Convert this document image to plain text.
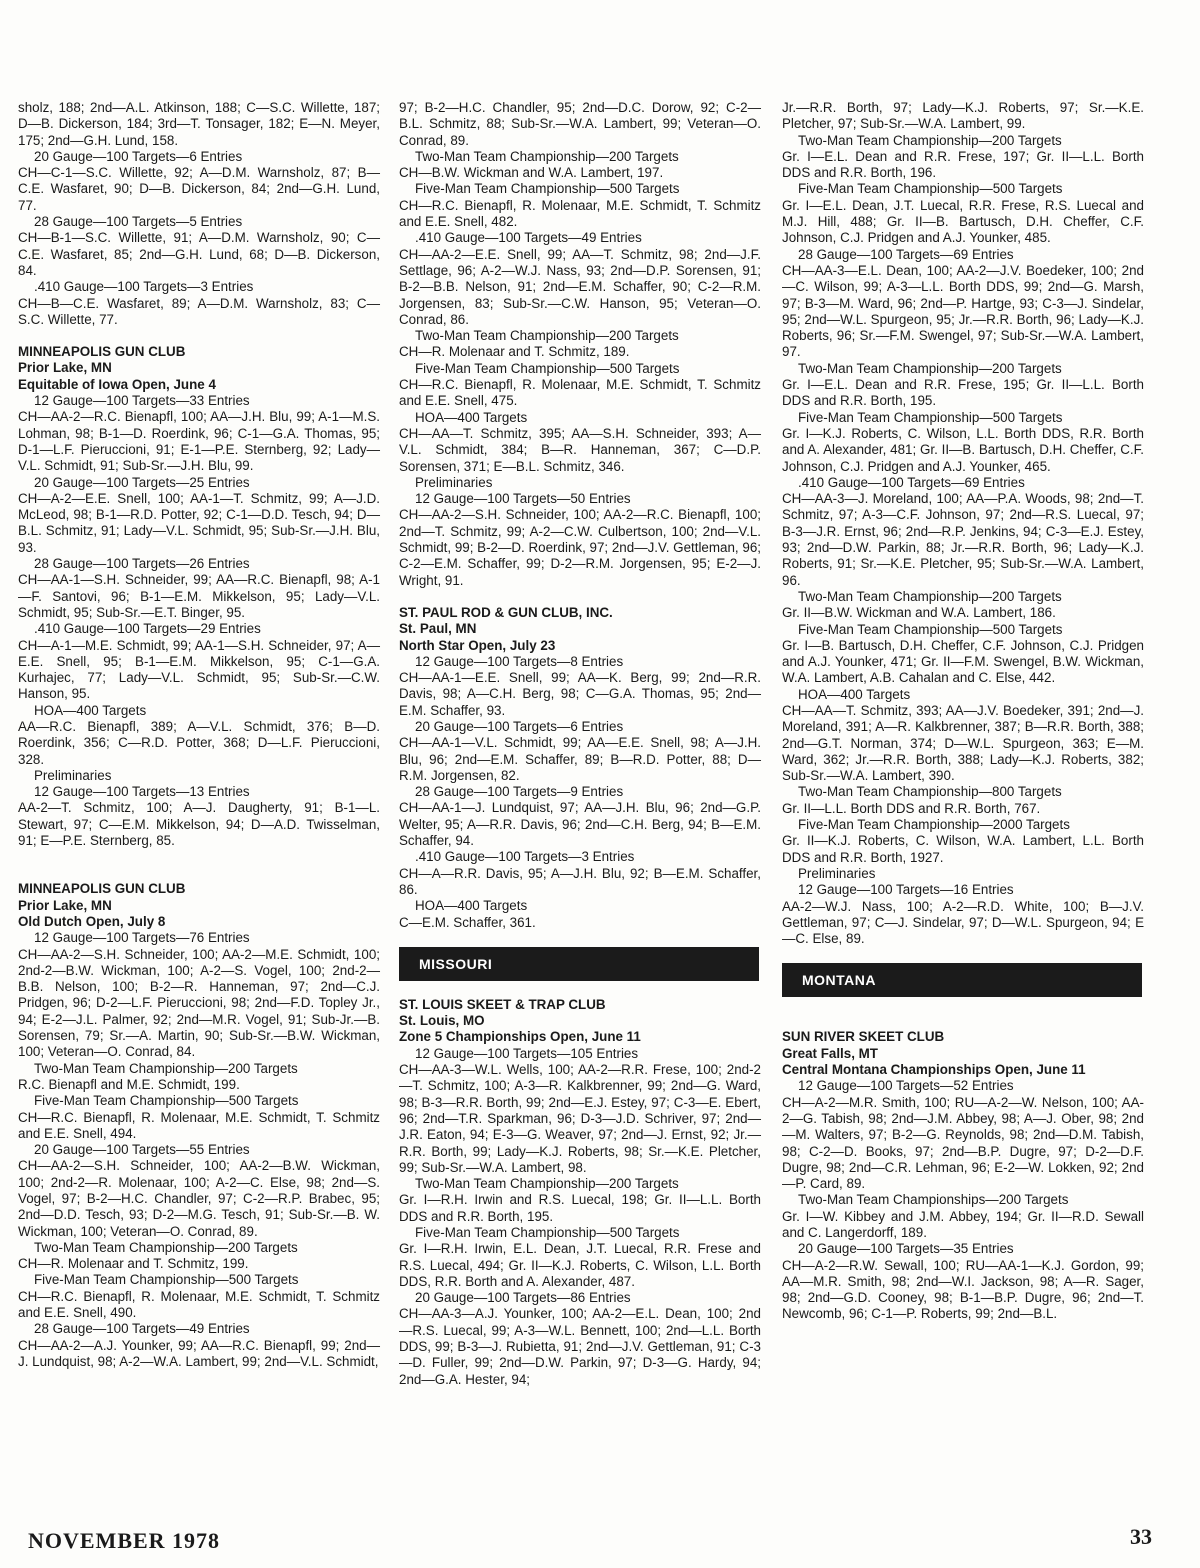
sholz, 188; 2nd—A.L. Atkinson, 188; C—S.C. Willette, 187; D—B. Dickerson, 184; 3rd—T. Tonsager, 182; E—N. Meyer, 175; 2nd—G.H. Lund, 158.
20 Gauge—100 Targets—6 Entries
CH—C-1—S.C. Willette, 92; A—D.M. Warnsholz, 87; B—C.E. Wasfaret, 90; D—B. Dickerson, 84; 2nd—G.H. Lund, 77.
28 Gauge—100 Targets—5 Entries
CH—B-1—S.C. Willette, 91; A—D.M. Warnsholz, 90; C—C.E. Wasfaret, 85; 2nd—G.H. Lund, 68; D—B. Dickerson, 84.
.410 Gauge—100 Targets—3 Entries
CH—B—C.E. Wasfaret, 89; A—D.M. Warnsholz, 83; C—S.C. Willette, 77.
MINNEAPOLIS GUN CLUB
Prior Lake, MN
Equitable of Iowa Open, June 4
12 Gauge—100 Targets—33 Entries
CH—AA-2—R.C. Bienapfl, 100; AA—J.H. Blu, 99; A-1—M.S. Lohman, 98; B-1—D. Roerdink, 96; C-1—G.A. Thomas, 95; D-1—L.F. Pieruccioni, 91; E-1—P.E. Sternberg, 92; Lady—V.L. Schmidt, 91; Sub-Sr.—J.H. Blu, 99.
20 Gauge—100 Targets—25 Entries
CH—A-2—E.E. Snell, 100; AA-1—T. Schmitz, 99; A—J.D. McLeod, 98; B-1—R.D. Potter, 92; C-1—D.D. Tesch, 94; D—B.L. Schmitz, 91; Lady—V.L. Schmidt, 95; Sub-Sr.—J.H. Blu, 93.
28 Gauge—100 Targets—26 Entries
CH—AA-1—S.H. Schneider, 99; AA—R.C. Bienapfl, 98; A-1—F. Santovi, 96; B-1—E.M. Mikkelson, 95; Lady—V.L. Schmidt, 95; Sub-Sr.—E.T. Binger, 95.
.410 Gauge—100 Targets—29 Entries
CH—A-1—M.E. Schmidt, 99; AA-1—S.H. Schneider, 97; A—E.E. Snell, 95; B-1—E.M. Mikkelson, 95; C-1—G.A. Kurhajec, 77; Lady—V.L. Schmidt, 95; Sub-Sr.—C.W. Hanson, 95.
HOA—400 Targets
AA—R.C. Bienapfl, 389; A—V.L. Schmidt, 376; B—D. Roerdink, 356; C—R.D. Potter, 368; D—L.F. Pieruccioni, 328.
Preliminaries
12 Gauge—100 Targets—13 Entries
AA-2—T. Schmitz, 100; A—J. Daugherty, 91; B-1—L. Stewart, 97; C—E.M. Mikkelson, 94; D—A.D. Twisselman, 91; E—P.E. Sternberg, 85.
MINNEAPOLIS GUN CLUB
Prior Lake, MN
Old Dutch Open, July 8
12 Gauge—100 Targets—76 Entries
CH—AA-2—S.H. Schneider, 100; AA-2—M.E. Schmidt, 100; 2nd-2—B.W. Wickman, 100; A-2—S. Vogel, 100; 2nd-2—B.B. Nelson, 100; B-2—R. Hanneman, 97; 2nd—C.J. Pridgen, 96; D-2—L.F. Pieruccioni, 98; 2nd—F.D. Topley Jr., 94; E-2—J.L. Palmer, 92; 2nd—M.R. Vogel, 91; Sub-Jr.—B. Sorensen, 79; Sr.—A. Martin, 90; Sub-Sr.—B.W. Wickman, 100; Veteran—O. Conrad, 84.
Two-Man Team Championship—200 Targets
R.C. Bienapfl and M.E. Schmidt, 199.
Five-Man Team Championship—500 Targets
CH—R.C. Bienapfl, R. Molenaar, M.E. Schmidt, T. Schmitz and E.E. Snell, 494.
20 Gauge—100 Targets—55 Entries
CH—AA-2—S.H. Schneider, 100; AA-2—B.W. Wickman, 100; 2nd-2—R. Molenaar, 100; A-2—C. Else, 98; 2nd—S. Vogel, 97; B-2—H.C. Chandler, 97; C-2—R.P. Brabec, 95; 2nd—D.D. Tesch, 93; D-2—M.G. Tesch, 91; Sub-Sr.—B. W. Wickman, 100; Veteran—O. Conrad, 89.
Two-Man Team Championship—200 Targets
CH—R. Molenaar and T. Schmitz, 199.
Five-Man Team Championship—500 Targets
CH—R.C. Bienapfl, R. Molenaar, M.E. Schmidt, T. Schmitz and E.E. Snell, 490.
28 Gauge—100 Targets—49 Entries
CH—AA-2—A.J. Younker, 99; AA—R.C. Bienapfl, 99; 2nd—J. Lundquist, 98; A-2—W.A. Lambert, 99; 2nd—V.L. Schmidt,
97; B-2—H.C. Chandler, 95; 2nd—D.C. Dorow, 92; C-2—B.L. Schmitz, 88; Sub-Sr.—W.A. Lambert, 99; Veteran—O. Conrad, 89.
Two-Man Team Championship—200 Targets
CH—B.W. Wickman and W.A. Lambert, 197.
Five-Man Team Championship—500 Targets
CH—R.C. Bienapfl, R. Molenaar, M.E. Schmidt, T. Schmitz and E.E. Snell, 482.
.410 Gauge—100 Targets—49 Entries
CH—AA-2—E.E. Snell, 99; AA—T. Schmitz, 98; 2nd—J.F. Settlage, 96; A-2—W.J. Nass, 93; 2nd—D.P. Sorensen, 91; B-2—B.B. Nelson, 91; 2nd—E.M. Schaffer, 90; C-2—R.M. Jorgensen, 83; Sub-Sr.—C.W. Hanson, 95; Veteran—O. Conrad, 86.
Two-Man Team Championship—200 Targets
CH—R. Molenaar and T. Schmitz, 189.
Five-Man Team Championship—500 Targets
CH—R.C. Bienapfl, R. Molenaar, M.E. Schmidt, T. Schmitz and E.E. Snell, 475.
HOA—400 Targets
CH—AA—T. Schmitz, 395; AA—S.H. Schneider, 393; A—V.L. Schmidt, 384; B—R. Hanneman, 367; C—D.P. Sorensen, 371; E—B.L. Schmitz, 346.
Preliminaries
12 Gauge—100 Targets—50 Entries
CH—AA-2—S.H. Schneider, 100; AA-2—R.C. Bienapfl, 100; 2nd—T. Schmitz, 99; A-2—C.W. Culbertson, 100; 2nd—V.L. Schmidt, 99; B-2—D. Roerdink, 97; 2nd—J.V. Gettleman, 96; C-2—E.M. Schaffer, 99; D-2—R.M. Jorgensen, 95; E-2—J. Wright, 91.
ST. PAUL ROD & GUN CLUB, INC.
St. Paul, MN
North Star Open, July 23
12 Gauge—100 Targets—8 Entries
CH—AA-1—E.E. Snell, 99; AA—K. Berg, 99; 2nd—R.R. Davis, 98; A—C.H. Berg, 98; C—G.A. Thomas, 95; 2nd—E.M. Schaffer, 93.
20 Gauge—100 Targets—6 Entries
CH—AA-1—V.L. Schmidt, 99; AA—E.E. Snell, 98; A—J.H. Blu, 96; 2nd—E.M. Schaffer, 89; B—R.D. Potter, 88; D—R.M. Jorgensen, 82.
28 Gauge—100 Targets—9 Entries
CH—AA-1—J. Lundquist, 97; AA—J.H. Blu, 96; 2nd—G.P. Welter, 95; A—R.R. Davis, 96; 2nd—C.H. Berg, 94; B—E.M. Schaffer, 94.
.410 Gauge—100 Targets—3 Entries
CH—A—R.R. Davis, 95; A—J.H. Blu, 92; B—E.M. Schaffer, 86.
HOA—400 Targets
C—E.M. Schaffer, 361.
MISSOURI
ST. LOUIS SKEET & TRAP CLUB
St. Louis, MO
Zone 5 Championships Open, June 11
12 Gauge—100 Targets—105 Entries
CH—AA-3—W.L. Wells, 100; AA-2—R.R. Frese, 100; 2nd-2—T. Schmitz, 100; A-3—R. Kalkbrenner, 99; 2nd—G. Ward, 98; B-3—R.R. Borth, 99; 2nd—E.J. Estey, 97; C-3—E. Ebert, 96; 2nd—T.R. Sparkman, 96; D-3—J.D. Schriver, 97; 2nd—J.R. Eaton, 94; E-3—G. Weaver, 97; 2nd—J. Ernst, 92; Jr.—R.R. Borth, 99; Lady—K.J. Roberts, 98; Sr.—K.E. Pletcher, 99; Sub-Sr.—W.A. Lambert, 98.
Two-Man Team Championship—200 Targets
Gr. I—R.H. Irwin and R.S. Luecal, 198; Gr. II—L.L. Borth DDS and R.R. Borth, 195.
Five-Man Team Championship—500 Targets
Gr. I—R.H. Irwin, E.L. Dean, J.T. Luecal, R.R. Frese and R.S. Luecal, 494; Gr. II—K.J. Roberts, C. Wilson, L.L. Borth DDS, R.R. Borth and A. Alexander, 487.
20 Gauge—100 Targets—86 Entries
CH—AA-3—A.J. Younker, 100; AA-2—E.L. Dean, 100; 2nd—R.S. Luecal, 99; A-3—W.L. Bennett, 100; 2nd—L.L. Borth DDS, 99; B-3—J. Rubietta, 91; 2nd—J.V. Gettleman, 91; C-3—D. Fuller, 99; 2nd—D.W. Parkin, 97; D-3—G. Hardy, 94; 2nd—G.A. Hester, 94;
Jr.—R.R. Borth, 97; Lady—K.J. Roberts, 97; Sr.—K.E. Pletcher, 97; Sub-Sr.—W.A. Lambert, 99.
Two-Man Team Championship—200 Targets
Gr. I—E.L. Dean and R.R. Frese, 197; Gr. II—L.L. Borth DDS and R.R. Borth, 196.
Five-Man Team Championship—500 Targets
Gr. I—E.L. Dean, J.T. Luecal, R.R. Frese, R.S. Luecal and M.J. Hill, 488; Gr. II—B. Bartusch, D.H. Cheffer, C.F. Johnson, C.J. Pridgen and A.J. Younker, 485.
28 Gauge—100 Targets—69 Entries
CH—AA-3—E.L. Dean, 100; AA-2—J.V. Boedeker, 100; 2nd—C. Wilson, 99; A-3—L.L. Borth DDS, 99; 2nd—G. Marsh, 97; B-3—M. Ward, 96; 2nd—P. Hartge, 93; C-3—J. Sindelar, 95; 2nd—W.L. Spurgeon, 95; Jr.—R.R. Borth, 96; Lady—K.J. Roberts, 96; Sr.—F.M. Swengel, 97; Sub-Sr.—W.A. Lambert, 97.
Two-Man Team Championship—200 Targets
Gr. I—E.L. Dean and R.R. Frese, 195; Gr. II—L.L. Borth DDS and R.R. Borth, 195.
Five-Man Team Championship—500 Targets
Gr. I—K.J. Roberts, C. Wilson, L.L. Borth DDS, R.R. Borth and A. Alexander, 481; Gr. II—B. Bartusch, D.H. Cheffer, C.F. Johnson, C.J. Pridgen and A.J. Younker, 465.
.410 Gauge—100 Targets—69 Entries
CH—AA-3—J. Moreland, 100; AA—P.A. Woods, 98; 2nd—T. Schmitz, 97; A-3—C.F. Johnson, 97; 2nd—R.S. Luecal, 97; B-3—J.R. Ernst, 96; 2nd—R.P. Jenkins, 94; C-3—E.J. Estey, 93; 2nd—D.W. Parkin, 88; Jr.—R.R. Borth, 96; Lady—K.J. Roberts, 91; Sr.—K.E. Pletcher, 95; Sub-Sr.—W.A. Lambert, 96.
Two-Man Team Championship—200 Targets
Gr. II—B.W. Wickman and W.A. Lambert, 186.
Five-Man Team Championship—500 Targets
Gr. I—B. Bartusch, D.H. Cheffer, C.F. Johnson, C.J. Pridgen and A.J. Younker, 471; Gr. II—F.M. Swengel, B.W. Wickman, W.A. Lambert, A.B. Cahalan and C. Else, 442.
HOA—400 Targets
CH—AA—T. Schmitz, 393; AA—J.V. Boedeker, 391; 2nd—J. Moreland, 391; A—R. Kalkbrenner, 387; B—R.R. Borth, 388; 2nd—G.T. Norman, 374; D—W.L. Spurgeon, 363; E—M. Ward, 362; Jr.—R.R. Borth, 388; Lady—K.J. Roberts, 382; Sub-Sr.—W.A. Lambert, 390.
Two-Man Team Championship—800 Targets
Gr. II—L.L. Borth DDS and R.R. Borth, 767.
Five-Man Team Championship—2000 Targets
Gr. II—K.J. Roberts, C. Wilson, W.A. Lambert, L.L. Borth DDS and R.R. Borth, 1927.
Preliminaries
12 Gauge—100 Targets—16 Entries
AA-2—W.J. Nass, 100; A-2—R.D. White, 100; B—J.V. Gettleman, 97; C—J. Sindelar, 97; D—W.L. Spurgeon, 94; E—C. Else, 89.
MONTANA
SUN RIVER SKEET CLUB
Great Falls, MT
Central Montana Championships Open, June 11
12 Gauge—100 Targets—52 Entries
CH—A-2—M.R. Smith, 100; RU—A-2—W. Nelson, 100; AA-2—G. Tabish, 98; 2nd—J.M. Abbey, 98; A—J. Ober, 98; 2nd—M. Walters, 97; B-2—G. Reynolds, 98; 2nd—D.M. Tabish, 98; C-2—D. Books, 97; 2nd—B.P. Dugre, 97; D-2—D.F. Dugre, 98; 2nd—C.R. Lehman, 96; E-2—W. Lokken, 92; 2nd—P. Card, 89.
Two-Man Team Championships—200 Targets
Gr. I—W. Kibbey and J.M. Abbey, 194; Gr. II—R.D. Sewall and C. Langerdorff, 189.
20 Gauge—100 Targets—35 Entries
CH—A-2—R.W. Sewall, 100; RU—AA-1—K.J. Gordon, 99; AA—M.R. Smith, 98; 2nd—W.I. Jackson, 98; A—R. Sager, 98; 2nd—G.D. Cooney, 98; B-1—B.P. Dugre, 96; 2nd—T. Newcomb, 96; C-1—P. Roberts, 99; 2nd—B.L.
NOVEMBER 1978	33
